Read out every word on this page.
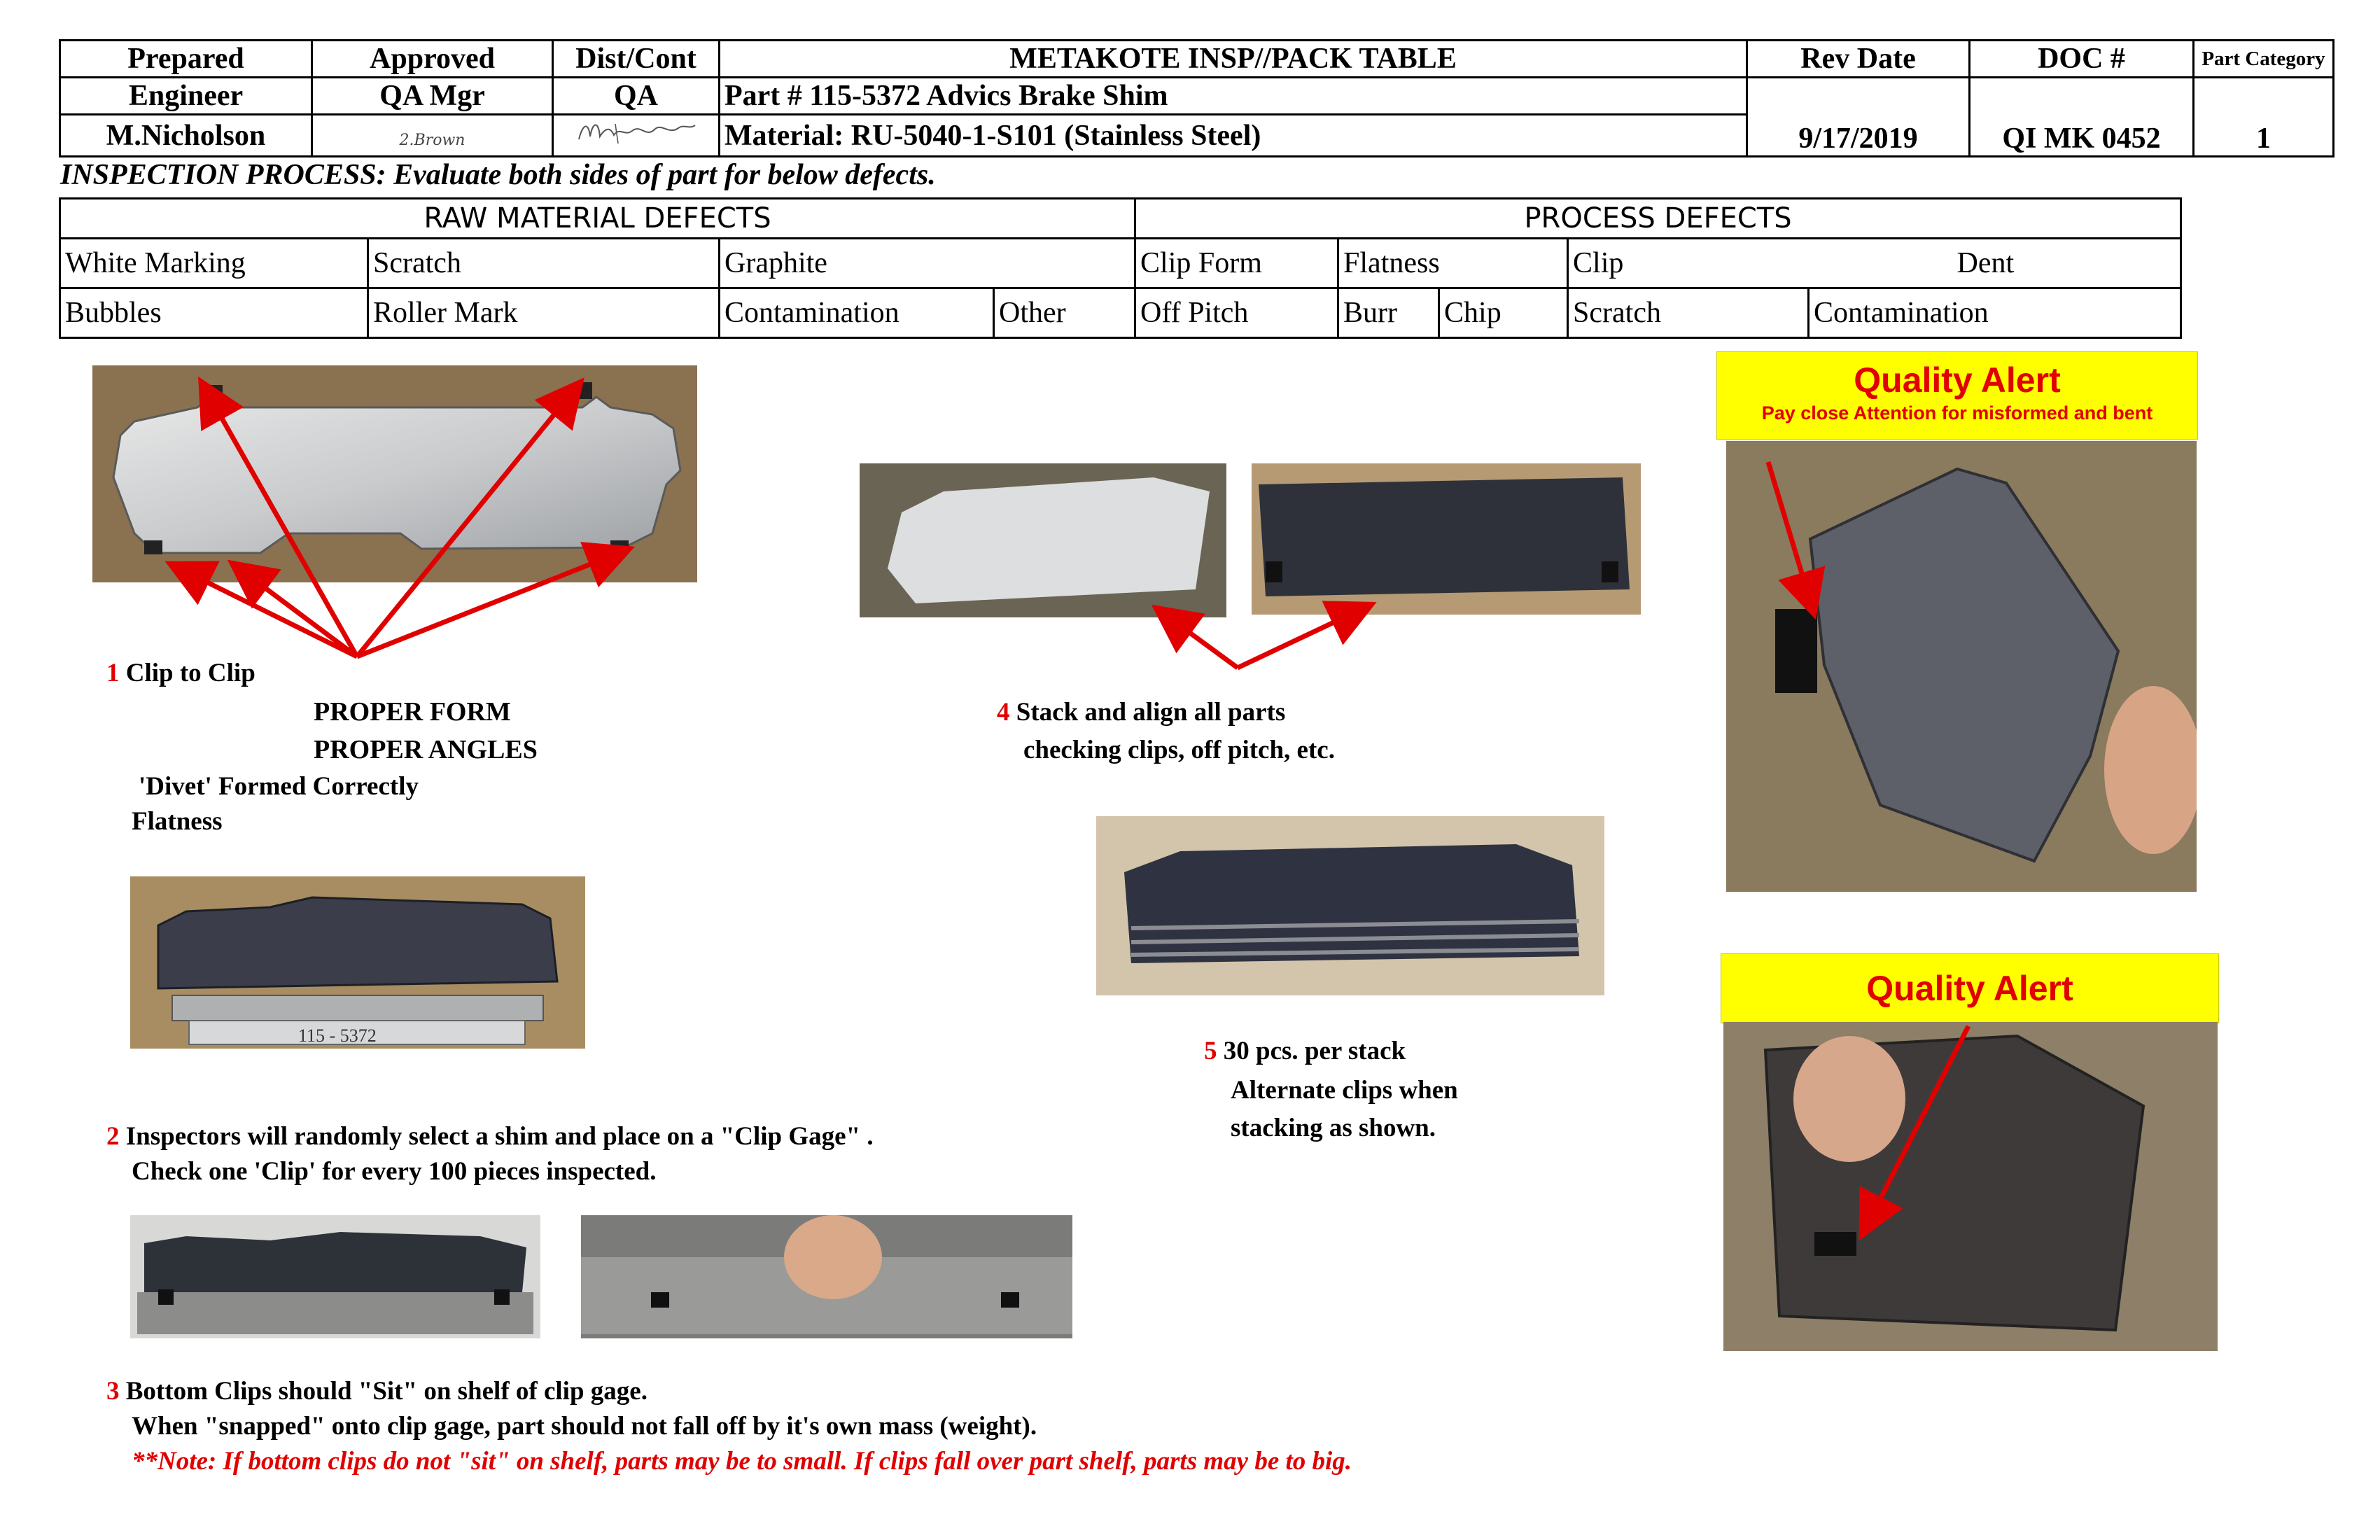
Prepared	Approved	Dist/Cont	METAKOTE INSP//PACK TABLE	Rev Date	DOC #	Part Category
Engineer	QA Mgr	QA	Part # 115-5372 Advics Brake Shim	9/17/2019	QI MK 0452	1
M.Nicholson	2.Brown		Material: RU-5040-1-S101 (Stainless Steel)			
INSPECTION PROCESS: Evaluate both sides of part for below defects.
RAW MATERIAL DEFECTS				PROCESS DEFECTS				
White Marking	Scratch	Graphite		Clip Form	Flatness		Clip	Dent
Bubbles	Roller Mark	Contamination	Other	Off Pitch	Burr	Chip	Scratch	Contamination
1 Clip to Clip
PROPER FORM
PROPER ANGLES
'Divet' Formed Correctly
Flatness
115 - 5372
2 Inspectors will randomly select a shim and place on a "Clip Gage" .
Check one 'Clip' for every 100 pieces inspected.
3 Bottom Clips should "Sit" on shelf of clip gage.
When "snapped" onto clip gage, part should not fall off by it's own mass (weight).
**Note: If bottom clips do not "sit" on shelf, parts may be to small. If clips fall over part shelf, parts may be to big.
4 Stack and align all parts
checking clips, off pitch, etc.
5 30 pcs. per stack
Alternate clips when
stacking as shown.
Quality Alert
Pay close Attention for misformed and bent
Quality Alert
